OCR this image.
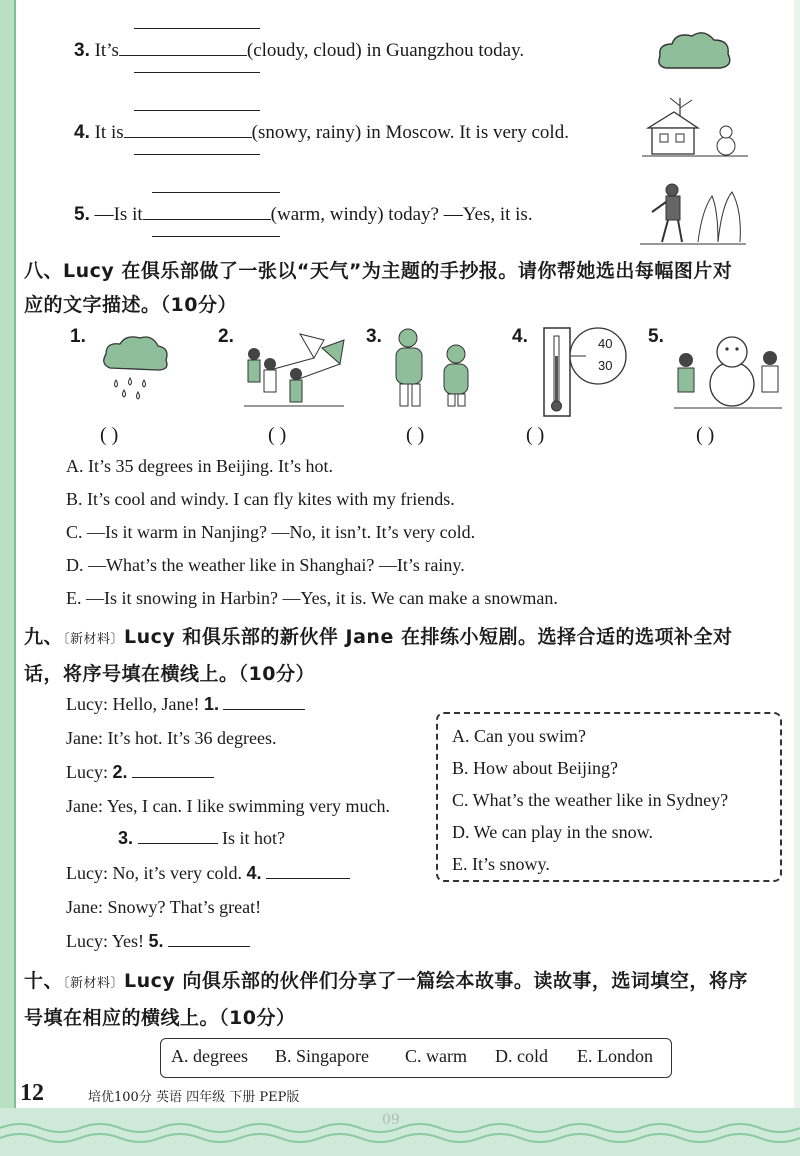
3. It’s	(cloudy, cloud) in Guangzhou today.
4. It is	(snowy, rainy) in Moscow. It is very cold.
5. —Is it	(warm, windy) today? —Yes, it is.
八、Lucy 在俱乐部做了一张以“天气”为主题的手抄报。请你帮她选出每幅图片对
应的文字描述。（10分）
1.	2.	3.	4.	5.
40
30
( )	( )	( )	( )	( )
A. It’s 35 degrees in Beijing. It’s hot.
B. It’s cool and windy. I can fly kites with my friends.
C. —Is it warm in Nanjing? —No, it isn’t. It’s very cold.
D. —What’s the weather like in Shanghai? —It’s rainy.
E. —Is it snowing in Harbin? —Yes, it is. We can make a snowman.
九、〔新材料〕Lucy 和俱乐部的新伙伴 Jane 在排练小短剧。选择合适的选项补全对
话，将序号填在横线上。（10分）
Lucy: Hello, Jane! 1.
Jane: It’s hot. It’s 36 degrees.
Lucy: 2.
Jane: Yes, I can. I like swimming very much.
3.	Is it hot?
Lucy: No, it’s very cold. 4.
Jane: Snowy? That’s great!
Lucy: Yes! 5.
A. Can you swim?
B. How about Beijing?
C. What’s the weather like in Sydney?
D. We can play in the snow.
E. It’s snowy.
十、〔新材料〕Lucy 向俱乐部的伙伴们分享了一篇绘本故事。读故事，选词填空，将序
号填在相应的横线上。（10分）
A. degrees B. Singapore C. warm D. cold E. London
12	培优100分 英语 四年级 下册 PEP版
09
